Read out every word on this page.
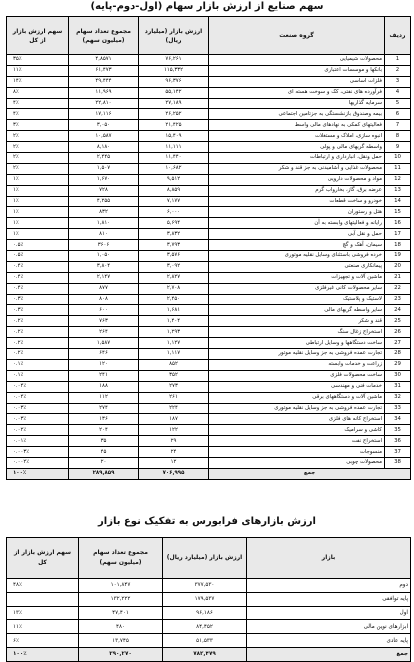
سهم صنایع از ارزش بازار سهام (اول-دوم-پایه)
ردیف	گروه صنعت	ارزش بازار (میلیارد ریال)	مجموع تعداد سهام (میلیون سهم)	سهم ارزش بازار از کل
1	محصولات شیمیایی	۷۶,۲۶۱	۴,۸۵۷۱	۳۵٪
2	بانکها و موسسات اعتباری	۱۱۵,۳۳۲	۶۱,۴۷۳	۱۱٪
3	فلزات اساسی	۹۶,۳۷۶	۴۹,۴۴۴	۱۴٪
4	فرآورده های نفتی، کک و سوخت هسته ای	۵۵,۱۴۲	۱۱,۹۶۹	۸٪
5	سرمایه گذاریها	۲۷,۱۸۹	۲۲,۸۱۰	۴٪
6	بیمه وصندوق بازنشستگی به جزتامین اجتماعی	۲۶,۲۵۲	۱۷,۱۱۶	۴٪
7	فعالیتهای کمکی به نهادهای مالی واسط	۲۱,۴۲۵	۳,۰۵۰	۳٪
8	انبوه سازی، املاک و مستغلات	۱۵,۴۰۹	۱۰,۵۸۷	۲٪
9	واسطه گریهای مالی و پولی	۱۱,۱۱۱	۸,۱۸۰	۲٪
10	حمل ونقل، انبارداری و ارتباطات	۱۱,۴۴۰	۲,۴۴۵	۲٪
11	محصولات غذایی و آشامیدنی به جز قند و شکر	۱۰,۶۸۲	۱,۵۰۷	۲٪
12	مواد و محصولات دارویی	۹,۵۱۲	۱,۶۷۰	۱٪
13	عرضه برق، گاز، بخارواب گرم	۸,۸۵۹	۷۲۸	۱٪
14	خودرو و ساخت قطعات	۷,۱۷۷	۴,۲۵۵	۱٪
15	هتل و رستوران	۶,۰۰۰	۸۳۲	۱٪
16	رایانه و فعالیتهای وابسته به آن	۵,۶۹۴	۱,۸۱۰	۱٪
17	حمل و نقل آبی	۳,۸۳۲	۸۱۰	۱٪
18	سیمان، آهک و گچ	۳,۷۹۳	۳۶۰۶	۰.۵٪
19	خرده فروشی باستثنای وسایل نقلیه موتوری	۳,۵۷۶	۱,۰۵۰	۰.۵٪
20	پیمانکاری صنعتی	۳,۰۹۲	۳,۸۰۴	۰.۴٪
21	ماشین آلات و تجهیزات	۲,۸۲۷	۲,۱۴۷	۰.۴٪
22	سایر محصولات کانی غیرفلزی	۲,۷۰۸	۸۷۷	۰.۴٪
23	لاستیک و پلاستیک	۲,۴۵۰	۸۰۸	۰.۳٪
24	سایر واسطه گریهای مالی	۱,۶۸۱	۶۰۰	۰.۳٪
25	قند و شکر	۱,۴۰۴	۷۶۳	۰.۲٪
26	استخراج زغال سنگ	۱,۲۹۳	۲۶۴	۰.۲٪
27	ساخت دستگاهها و وسایل ارتباطی	۱,۱۲۷	۱,۵۸۷	۰.۲٪
28	تجارت عمده فروشی به جز وسایل نقلیه موتور	۱,۱۱۷	۶۴۶	۰.۲٪
29	زراعت و خدمات وابسته	۸۵۲	۱۲۰	۰.۱٪
30	ساخت محصولات فلزی	۳۵۲	۲۴۱	۰.۱٪
31	خدمات فنی و مهندسی	۲۷۳	۱۸۸	۰.۰۴٪
32	ماشین آلات و دستگاههای برقی	۲۶۱	۱۱۲	۰.۰۴٪
33	تجارت عمده فروشی به جز وسایل نقلیه موتوری	۲۲۴	۲۷۴	۰.۰۳٪
34	استخراج کانه های فلزی	۱۸۷	۱۳۶	۰.۰۳٪
35	کاشی و سرامیک	۱۲۲	۲۰۴	۰.۰۲٪
36	استخراج نفت	۲۹	۳۵	۰.۰۱٪
37	منسوجات	۲۴	۴۵	۰.۰۰۳٪
38	محصولات چوبی	۱۲	۲۰	۰.۰۰۲٪
جمع		۷۰۶,۹۹۵	۲۸۹,۸۵۹	۱۰۰٪
ارزش بازارهای فرابورس به تفکیک نوع بازار
بازار	ارزش بازار (میلیارد ریال)	مجموع تعداد سهام (میلیون سهم)	سهم ارزش بازار از کل
دوم	۳۷۷,۵۳۰	۱۰۱,۸۴۷	۴۸٪
پایه توافقی	۱۷۹,۵۳۷	۱۳۲,۲۲۲	
اول	۹۶,۱۸۶	۴۷,۴۰۱	۱۳٪
ابزارهای نوین مالی	۸۴,۴۵۲	۴۸۰	۱۱٪
پایه عادی	۵۱,۵۳۳	۱۳,۷۴۵	۶٪
جمع	۷۸۲,۴۷۹	۲۹۰,۲۷۰	۱۰۰٪
